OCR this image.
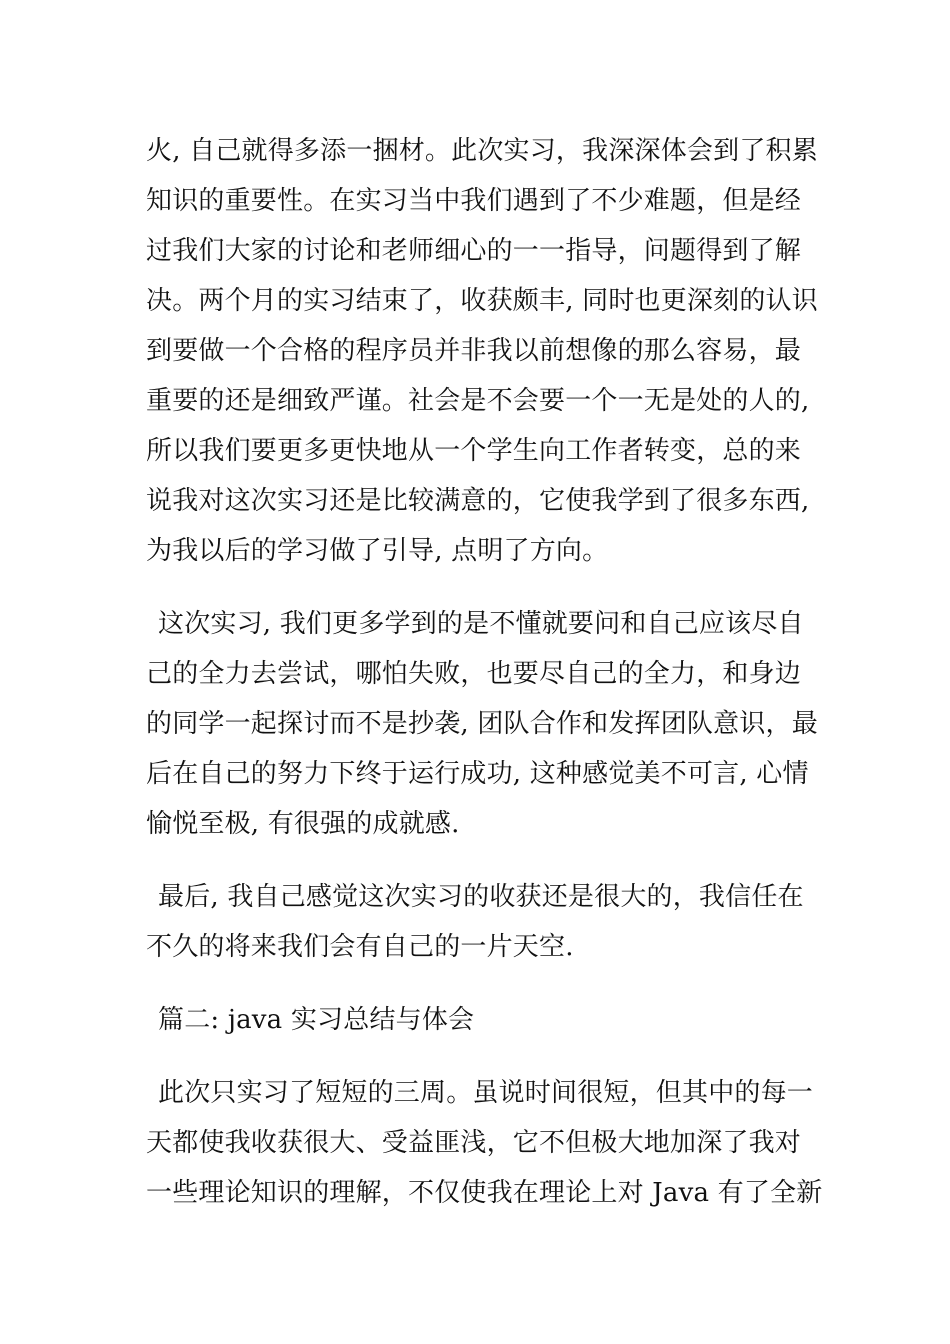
火, 自己就得多添一捆材。此次实习，我深深体会到了积累
知识的重要性。在实习当中我们遇到了不少难题，但是经
过我们大家的讨论和老师细心的一一指导，问题得到了解
决。两个月的实习结束了，收获颇丰, 同时也更深刻的认识
到要做一个合格的程序员并非我以前想像的那么容易，最
重要的还是细致严谨。社会是不会要一个一无是处的人的,
所以我们要更多更快地从一个学生向工作者转变，总的来
说我对这次实习还是比较满意的，它使我学到了很多东西,
为我以后的学习做了引导, 点明了方向。
这次实习, 我们更多学到的是不懂就要问和自己应该尽自
己的全力去尝试，哪怕失败，也要尽自己的全力，和身边
的同学一起探讨而不是抄袭, 团队合作和发挥团队意识，最
后在自己的努力下终于运行成功, 这种感觉美不可言, 心情
愉悦至极, 有很强的成就感.
最后, 我自己感觉这次实习的收获还是很大的，我信任在
不久的将来我们会有自己的一片天空.
篇二: java 实习总结与体会
此次只实习了短短的三周。虽说时间很短，但其中的每一
天都使我收获很大、受益匪浅，它不但极大地加深了我对
一些理论知识的理解，不仅使我在理论上对 Java 有了全新
